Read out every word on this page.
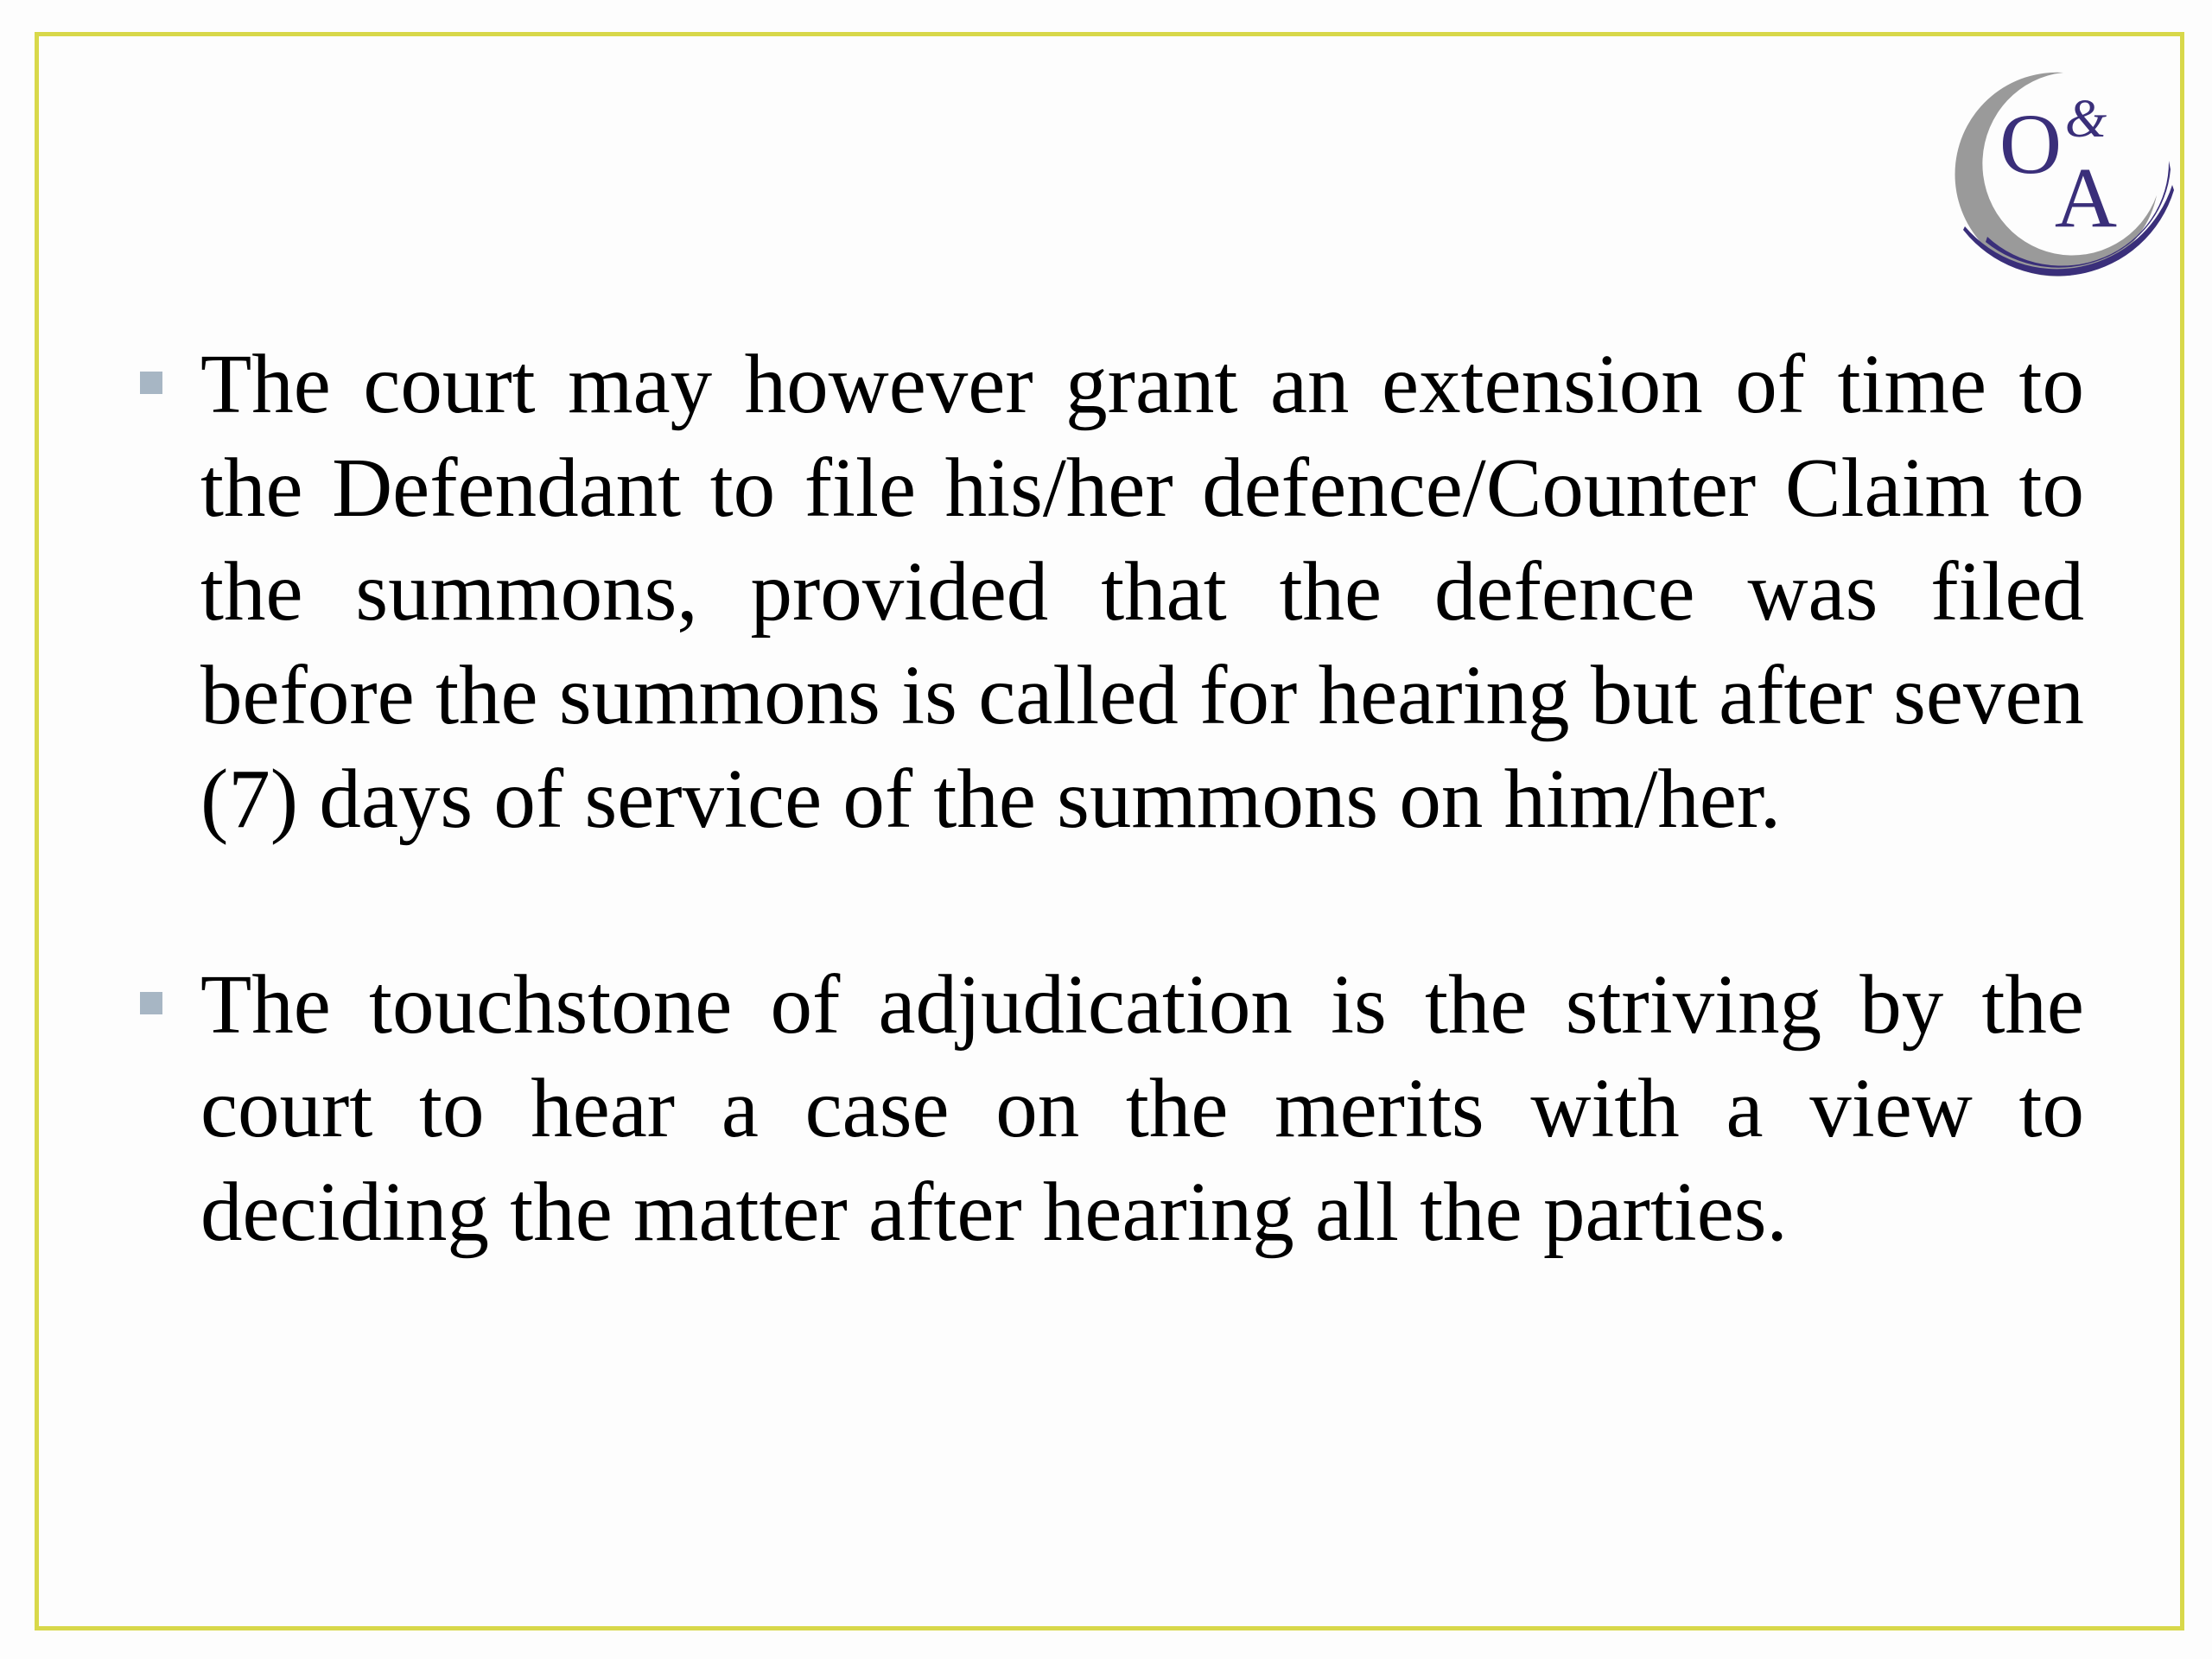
O &
A
The court may however grant an extension of time to the Defendant to file his/her defence/Counter Claim to the summons, provided that the defence was filed before the summons is called for hearing but after seven (7) days of service of the summons on him/her.
The touchstone of adjudication is the striving by the court to hear a case on the merits with a view to deciding the matter after hearing all the parties.
